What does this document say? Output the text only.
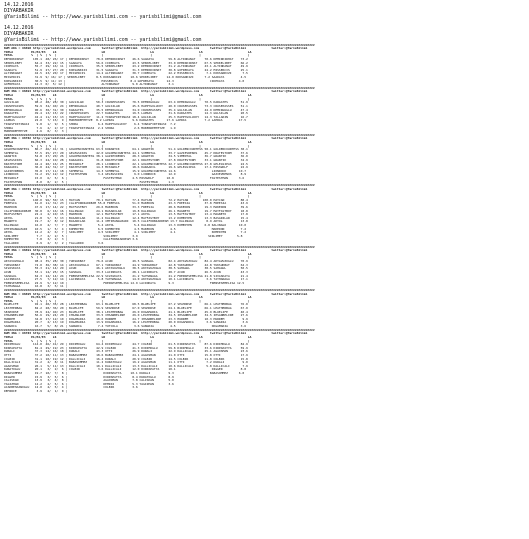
14.12.2016
DIYARBAKIR
@YarisBilimi -- http://www.yarisbilimi.com -- yarisbilimi@gmail.com
14.12.2016
DIYARBAKIR
@YarisBilimi -- http://www.yarisbilimi.com -- yarisbilimi@gmail.com
############################################################################################################################################################################
KUM ARA = 96690 http://yarisbilimi.wordpress.com      twitter:@YarisBilimi  http://yarisbilimi.wordpress.com      twitter:@YarisBilimi              twitter:@YarisBilimi
TOPLA          E1/E2/E3    LS                         LD                         LG                         LS                         LA
TOTAL          %  | %  | %  |                         |                          |                          |                          |
DEMIRKIRHAT     105.1  48/ 26/ 17 | DEMIRKIRHAT    78.6 DEMIRKIRHAT    46.6 SAADAYA        59.8 ALTINKANAT     70.6 DEMIRKIRHAT    73.2
SEKKELIBEY       64.4  33/ 22/ 15 | SAADAYA        56.6 CIDEKAYA       43.5 SEKKELIBEY     33.0 DEMIRKIRHAT    67.5 SEKKELIBEY     66.2
CIDEKAYA         55.7  29/ 16/ 11 | CIDEKAYA       35.5 SEKKELIBEY     43.2 DEMIRKIRHAT    31.2 ALTINKANAT     43.1 ALTINKANAT     49.9
SAADAYA          51.9  27/ 27/ 20 | KOKSANKIZI     31.5 SAADAYA        31.3 DEMIRKIRHAT    30.8 GOFREKAYA      24.2 MISSERCIS      25.1
ALTINKANAT       42.5  23/ 20/ 17 | MISSERCIS      14.2 ALTINKANAT     30.7 CIDEKAYA       22.2 MISSERCIS       7.1 KOKSANKIZI      7.5
MISSERCIS        31.9  9/ 16/ 17 | SEKKELIBEY      8.5 KOKSANKIZI     10.6 SEKKELIBEY     14.0 KOKSANKIZI      7.2 SAADAYA         4.5
KOKSANKIZI       30.5  9/ 11/ 13 |                    MISSERCIS       8.4 GOFREKAYA       12.3                    CIDEKAYA        4.0
GOFREKAYA        12.3  0/  5/ 12 |                    ALTINKANAT       9.0 ALTINKANAT      3.1
############################################################################################################################################################################
KUM ING = 96694 http://yarisbilimi.wordpress.com      twitter:@YarisBilimi  http://yarisbilimi.wordpress.com      twitter:@YarisBilimi              twitter:@YarisBilimi
TOPLA          E1/E2/E3    LS                         LD                         LG                         LS                         LA
TOTAL          %  | %  | %  |                         |                          |                          |                          |
GULSILAN         98.2  48/ 28/ 30 | GULSILAN       50.3 CRUSEPASSES    70.5 DEMIRGUGLU     63.4 DEMIRGUGLU     70.5 KARAATES       51.9
CRUSEPASSES      59.9  34/ 40/ 24 | DEMIRGUGLU     40.7 GULSILAN       45.6 HAPPYGOLUCKY   40.0 CRUSEPASSES    73.3 CRUSEPASSES    51.1
DEMIRGUGLU       90.6  30/ 31/ 30 | KARAATES       35.5 DEMIRGUGLU     34.0 CRUSEPASSES    35.4 GULSILAN       44.9 DEMIRGUGLU     47.4
KARAATES         49.4  13/ 15/ 22 | CRUSEPASSES    22.7 KARAATES       19.5 LAPRAS         31.6 KARAATES       14.3 GULSILAN       20.5
HAPPYGOLUCKY     42.4  11/ 15/ 13 | HAPPYGOLUCKY   11.2 TINASFIRTINASI 18.4 GULSILAN       25.3 HAPPYGOLUCKY   14.3 TALLARIN       16.7
LAPRAS           22.0   7/ 15/  9 | MUKERREMTEYZE  8.2 LAPRAS          9.6 KARAATES       17.6 LAPRAS          7.2 LAPRAS         17.5
TINASFIRTINASI    9.8   1/  9/  5 | SHORA           6.4 HAPPYGOLUCKY    6.4 TINASFIRTINASI  7.2
SHORA             7.6   2/  2/ 17 | TINASFIRTINASI  2.2 SHORA           2.6 MUKERREMTEYZE   1.9
MUKERREMTEYZE     2.6   0/  3/  3 |
############################################################################################################################################################################
KUM ING = 96702 http://yarisbilimi.wordpress.com      twitter:@YarisBilimi  http://yarisbilimi.wordpress.com      twitter:@YarisBilimi              twitter:@YarisBilimi
TOPLA          E1/E2/E3    LS                         LD                         LG                         LS                         LA
TOTAL          %  | %  | %  |                         |                          |                          |                          |
GOLDENCOUNTESS   86.7  46/ 41/ 31 | GOLDENCOUNTESS 63.5 KORANTIK       64.1 GRANTIK        51.4 GOLDENCOUNTESS 58.1 GOLDENCOUNTESS 38.1
SIMENTAL         57.5  25/ 27/ 20 | GELEGSIPAS     42.0 GOLDENCOUNTESS 44.1 SIMENTAL       33.7 GAZIEVRENOS    45.7 KRATESTORM     37.6
GRANTIK          52.8  27/ 20/ 26 | GOLDENCOUNTESS 38.1 GAZIEVRENOS    28.3 GRANTIK        34.5 SIMENTAL       36.7 GRANTIK        36.0
GELEGSIPAS       66.3  24/ 10/ 28 | KARAADIL       31.8 KRATESTORM     22.1 KRATESTORM     27.8 KRATESTORM     33.1 GRANTIK        34.9
KRATESTORM       42.4  20/ 16/ 25 | MISSWOLF       28.1 LIONROCK       22.1 GOLDENCOUNTESS 22.7 GOLDENCOUNTESS 27.8 GELEGSIPAS     24.5
KARAADIL         36.8  24/ 31/ 17 | KRATESTORM     14.3 MISSWOLF       18.6 KARAADIL       19.6 GELEGSIPAS     17.1 MISSWOLF       22.9
GAZIEVRENOS      35.8  17/ 11/ 18 | SIMENTAL       14.3 SIMENTAL       15.9 GOLDENCOUNTESS 14.6                    LIONROCK       10.7
LIONROCK         31.2  15/ 12/ 12 | FASTESTMAN      3.4 GELEGSIPAS      9.0 LIONROCK       12.9                    GAZIEVRENOS     8.9
MISSWOLF         15.0   6/  5/  6 |                    FASTESTMAN      4.5 MISSWOLF       10.8                    FASTESTMAN      3.6
FASTESTMAN        8.0   0/  2/  5 |                                        FASTESTMAN      1.3
############################################################################################################################################################################
KUM ING = 96701 http://yarisbilimi.wordpress.com      twitter:@YarisBilimi  http://yarisbilimi.wordpress.com      twitter:@YarisBilimi              twitter:@YarisBilimi
TOPLA          E1/E2/E3    LS                         LD                         LG                         LS                         LA
TOTAL          %  | %  | %  |                         |                          |                          |                          |
HAYCAN          140.0  96/ 50/ 15 | HAYCAN         70.1 HAYCAN         77.4 HAYCAN         72.2 HAYCAN        100.0 HAYCAN         88.4
FREESIA          61.0  11/ 31/ 23 | CALIFORNIADREAM 55.8 FREESIA       51.0 MAKEDON        43.3 FREESIA        37.8 FREESIA        43.9
MAKEDON          47.9  17/ 14/ 22 | MAYFASTBOY     29.6 MAKEDON        33.3 FREESIA        28.6 MAKEDON        19.3 MAKEDON        39.6
CALIFORNIADREAM  30.8   6/ 16/ 16 | KALINAGO       24.1 BASARILAR      19.8 KALINAGO       26.1 MAGNETO        19.7 MAYFASTBOY     18.8
MAYFASTBOY       22.4   2/ 10/ 15 | MAKEDON        12.1 MAYFASTBOY     17.1 AKYOL          13.5 MAYFASTBOY     13.4 MAGNETO        17.8
AKYOL            21.8   5/  5/ 13 | BASARILAR      11.2 KALINAGO       12.4 MAYFASTBOY     13.2 KOMEDYEN       13.3 BASARILAR      15.4
MAGNETO          19.7   2/  8/ 12 | BASARILAR      11.2 IMTIHANGUZARI  10.5 CALIFORNIADREAM 13.7 KALINAGO       8.9 AKYOL          13.8
KALINAGO         16.0   4/  7/  7 | MAGNETO         5.4 AKYOL           5.4 KALINAGO       13.3 KOMEDYEN       6.8 KALINAGO       10.0
IMTIHANGUZARI    10.5   1/  5/  4 | KOMEDYEN        6.5 KOMEDYEN        4.5 MAKEDON         4.5                    MAKEDON         7.2
AKYOL            12.2   4/  6/  7 | SIRLIMEY        4.5 SIRLIMEY        4.1 SIRLIMEY        4.1                    KOMEDYEN        7.2
SIRLIMEY          7.7   2/  2/  5 |                    SIRLIMEY        3.9                                       SIRLIMEY        5.8
KOMEDYEN          7.8   3/  2/  3 |                    CALIFORNIADREAM 3.6
TALLARIN          6.9   2/  3/  2 | TALLARIN        3.6
############################################################################################################################################################################
KUM ING = 96691 http://yarisbilimi.wordpress.com      twitter:@YarisBilimi  http://yarisbilimi.wordpress.com      twitter:@YarisBilimi              twitter:@YarisBilimi
TOPLA          E1/E2/E3    LS                         LD                         LG                         LS                         LA
TOTAL          %  | %  | %  |                         |                          |                          |                          |
AKYAVUZOGLU      98.4  35/ 28/ 30 | YUKSUKBAT      76.6 ACUN           49.5 SAHAGUL        82.4 AKYAVUZOGLU    82.4 AKYAVUZOGLU    70.9
YUKSUKBAT        72.0  36/ 38/ 14 | AKYAVUZOGLU    67.1 YUKSUKBAT      44.9 YUKSUKBAT      42.8 YUKSUKBAT      42.8 YUKSUKBAT      64.3
SIVASKAYA        55.3  21/ 14/ 29 | ACUN           46.1 AKYAVUZOGLU    38.5 AKYAVUZOGLU    38.5 SAHAGUL        38.5 SAHAGUL        50.5
ACUN             53.1  14/ 25/ 15 | SAHAGUL        33.3 LACINKAYA      28.1 LACINKAYA      28.7 ACUN           26.5 ACUN           43.3
SAHAGUL          62.3  14/ 14/ 24 | FRENSESEMELISA 22.9 SIVASKAYA      21.2 TAYHANAGA      21.2 FRENSESEMELISA 21.8 SIVASKAYA      21.4
LACINKAYA        27.5   7/ 12/ 14 | LACINKAYA       5.8 TAYHANAGA      14.0 AKYAVUZOGLU    10.1 LACINKAYA       3.6 TAYHANAGA      17.1
FRENSESEMELISA   22.9   5/ 12/ 10 |                    FRENSESEMELISA 12.9 LACINKAYA       9.3                    FRENSESEMELISA 12.5
TAYHANAGA        16.8   3/  5/ 11 |
############################################################################################################################################################################
KUM ING = 96695 http://yarisbilimi.wordpress.com      twitter:@YarisBilimi  http://yarisbilimi.wordpress.com      twitter:@YarisBilimi              twitter:@YarisBilimi
TOPLA          E1/E2/E3    LS                         LD                         LG                         LS                         LA
TOTAL          %  | %  | %  |                         |                          |                          |                          |
BLUELIFE         92.1  40/ 35/ 28 | LEATHERBAG     63.1 BLUELIFE       68.5 BLUELIFE       67.2 SEAHORSE       66.1 LEATHERBAG     76.0
LEATHERBAG       82.2  28/ 36/ 20 | BLUELIFE       59.9 SEAHORSE       67.0 SEAHORSE       64.1 BLUELIFE       66.1 LEATHERBAG     67.0
SEAHORSE         78.9  24/ 40/ 23 | BLUELIFE       38.1 LEATHERBAG     29.0 DOGAMARIA      41.1 BLUELIFE       45.9 BLUELIFE       40.4
IHSANBELINE      56.6  19/ 24/ 20 | IHSANLINE      33.5 IHSANBELINE    29.0 LEATHERBAG     34.5 IHSANBELINE    34.5 IHSANBELINE    27.6
HURREM           34.8  17/ 12/ 10 | DOGAMARIA      18.6 HURREM         24.7 IHSANBELINE    23.3 HURREM         10.3 HURREM          9.9
DOGAMARIA        20.7   2/ 13/ 19 | DOGAMARIA      13.9 DOGAMARIA      16.2 LEATHERBAG     20.0 DOGAMARIA       3.6 SANGRIA         3.6
SANGRIA          16.7   5/  8/ 21 | SANGRIA         7.4 TUTCOLA         3.6 SANGRIA         4.5                    DOGAMARIA       3.6
############################################################################################################################################################################
KUM ING = 96703 http://yarisbilimi.wordpress.com      twitter:@YarisBilimi  http://yarisbilimi.wordpress.com      twitter:@YarisBilimi              twitter:@YarisBilimi
TOPLA          E1/E2/E3    LS                         LD                         LG                         LS                         LA
TOTAL          %  | %  | %  |                         |                          |                          |                          |
DIDIMOGLU       114.0  46/ 41/ 29 | DIDIMOGLU      64.4 DIDIMOGLU      44.7 COLBIR         61.5 KIRPAPATYA     87.6 DIDIMOGLU      84.9
KIRPAPATYA       81.4  29/ 19/ 23 | KIRPAPATYA     42.9 COLBIR         41.3 DIDIMOGLU      59.8 DIDIMOGLU      33.6 KIRPAPATYA     59.9
DURALI           37.3  12/ 16/ 18 | DURALI         43.3 OTTI           26.9 DURALI         22.9 DALLICALI      25.1 AGAOSMAN       23.6
OTTI             37.2  10/ 11/ 13 | BABASOMMEZ     18.6 BABASOMMEZ     24.1 AGAOSMAN       21.0 OTTI           15.8 OTTI           17.9
COLBIR           31.1  10/ 19/ 12 | DALLICALI      16.4 DURALI         20.9 COLBIR         14.5 COLBIR         11.8 COLBIR         15.8
DALLICALI        31.2   4/  8/ 11 | BABASOMMEZ     11.2 KURATOGLU      19.2 AGAOSMAN       11.1 OTTI            7.2 DURALI          9.0
AGAOSMAN         26.1   5/ 11/ 13 | DALLICALI      10.1 DALLICALI      13.3 DALLICALI      10.6 DALLICALI       5.8 DALLICALI       7.9
KURATOGLU        20.1   3/  2/  6 | COLBIR          3.6 DALLICALI      12.0 KIRPAPATYA     10.1                    DIGGER          8.8
BABASOMMEZ       19.7  10/  7/  8 |                    KIRPAPATYA     10.1 DURALI          9.3                    BABASOMMEZ      6.8
DIGGER           15.9   3/  5/  6 |                    KIRPAPATYA      8.4 KURATOGLU       8.9
CALISKAN         13.9   3/  4/  8 |                    AGAOSMAN        7.8 CALISKAN        5.0
YAGIZHAN         12.2   2/  5/  6 |                    DEMIRI          5.3 YAGIZHAN        3.6
ACAKBESKANOGLU   12.0   4/  5/  4 |                    COLBIR          3.6
DEMIRIE           3.9   4/  1/  0 |
